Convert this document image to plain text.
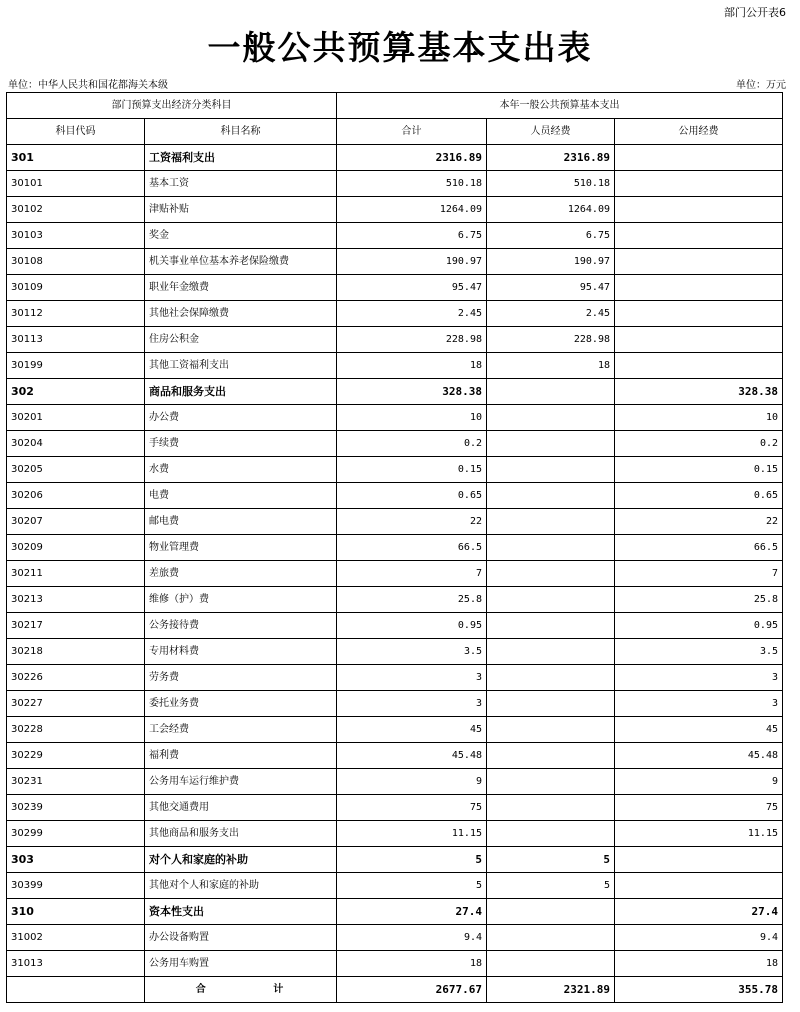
部门公开表6
一般公共预算基本支出表
单位：中华人民共和国花都海关本级	单位：万元
部门预算支出经济分类科目		本年一般公共预算基本支出		
科目代码	科目名称	合计	人员经费	公用经费
301	工资福利支出	2316.89	2316.89	
30101	基本工资	510.18	510.18	
30102	津贴补贴	1264.09	1264.09	
30103	奖金	6.75	6.75	
30108	机关事业单位基本养老保险缴费	190.97	190.97	
30109	职业年金缴费	95.47	95.47	
30112	其他社会保障缴费	2.45	2.45	
30113	住房公积金	228.98	228.98	
30199	其他工资福利支出	18	18	
302	商品和服务支出	328.38		328.38
30201	办公费	10		10
30204	手续费	0.2		0.2
30205	水费	0.15		0.15
30206	电费	0.65		0.65
30207	邮电费	22		22
30209	物业管理费	66.5		66.5
30211	差旅费	7		7
30213	维修（护）费	25.8		25.8
30217	公务接待费	0.95		0.95
30218	专用材料费	3.5		3.5
30226	劳务费	3		3
30227	委托业务费	3		3
30228	工会经费	45		45
30229	福利费	45.48		45.48
30231	公务用车运行维护费	9		9
30239	其他交通费用	75		75
30299	其他商品和服务支出	11.15		11.15
303	对个人和家庭的补助	5	5	
30399	其他对个人和家庭的补助	5	5	
310	资本性支出	27.4		27.4
31002	办公设备购置	9.4		9.4
31013	公务用车购置	18		18
	合 计	2677.67	2321.89	355.78
